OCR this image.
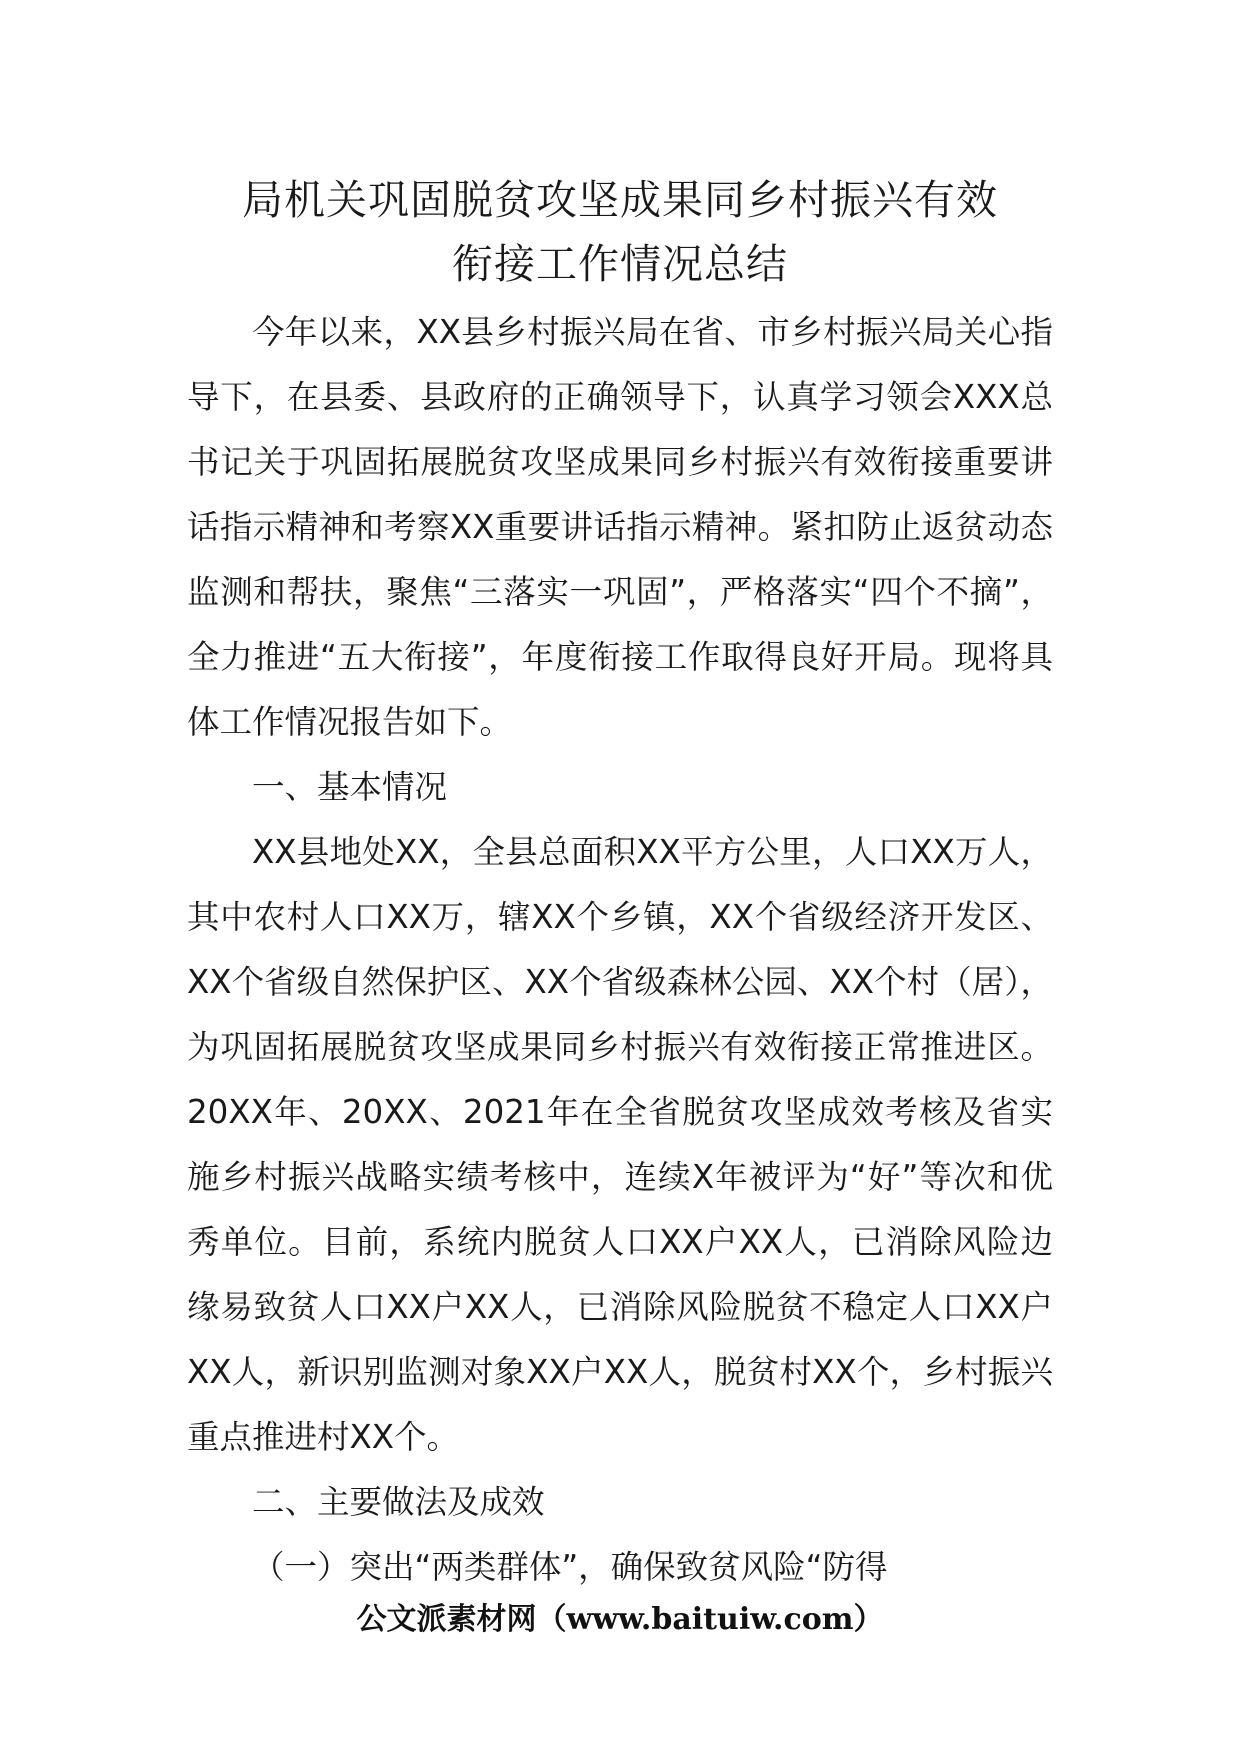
局机关巩固脱贫攻坚成果同乡村振兴有效
衔接工作情况总结

今年以来，XX县乡村振兴局在省、市乡村振兴局关心指导下，在县委、县政府的正确领导下，认真学习领会XXX总书记关于巩固拓展脱贫攻坚成果同乡村振兴有效衔接重要讲话指示精神和考察XX重要讲话指示精神。紧扣防止返贫动态监测和帮扶，聚焦“三落实一巩固”，严格落实“四个不摘”，全力推进“五大衔接”，年度衔接工作取得良好开局。现将具体工作情况报告如下。

一、基本情况

XX县地处XX，全县总面积XX平方公里，人口XX万人，其中农村人口XX万，辖XX个乡镇，XX个省级经济开发区、XX个省级自然保护区、XX个省级森林公园、XX个村（居），为巩固拓展脱贫攻坚成果同乡村振兴有效衔接正常推进区。20XX年、20XX、2021年在全省脱贫攻坚成效考核及省实施乡村振兴战略实绩考核中，连续X年被评为“好”等次和优秀单位。目前，系统内脱贫人口XX户XX人，已消除风险边缘易致贫人口XX户XX人，已消除风险脱贫不稳定人口XX户XX人，新识别监测对象XX户XX人，脱贫村XX个，乡村振兴重点推进村XX个。

二、主要做法及成效

（一）突出“两类群体”，确保致贫风险“防得

公文派素材网（www.baituiw.com）
